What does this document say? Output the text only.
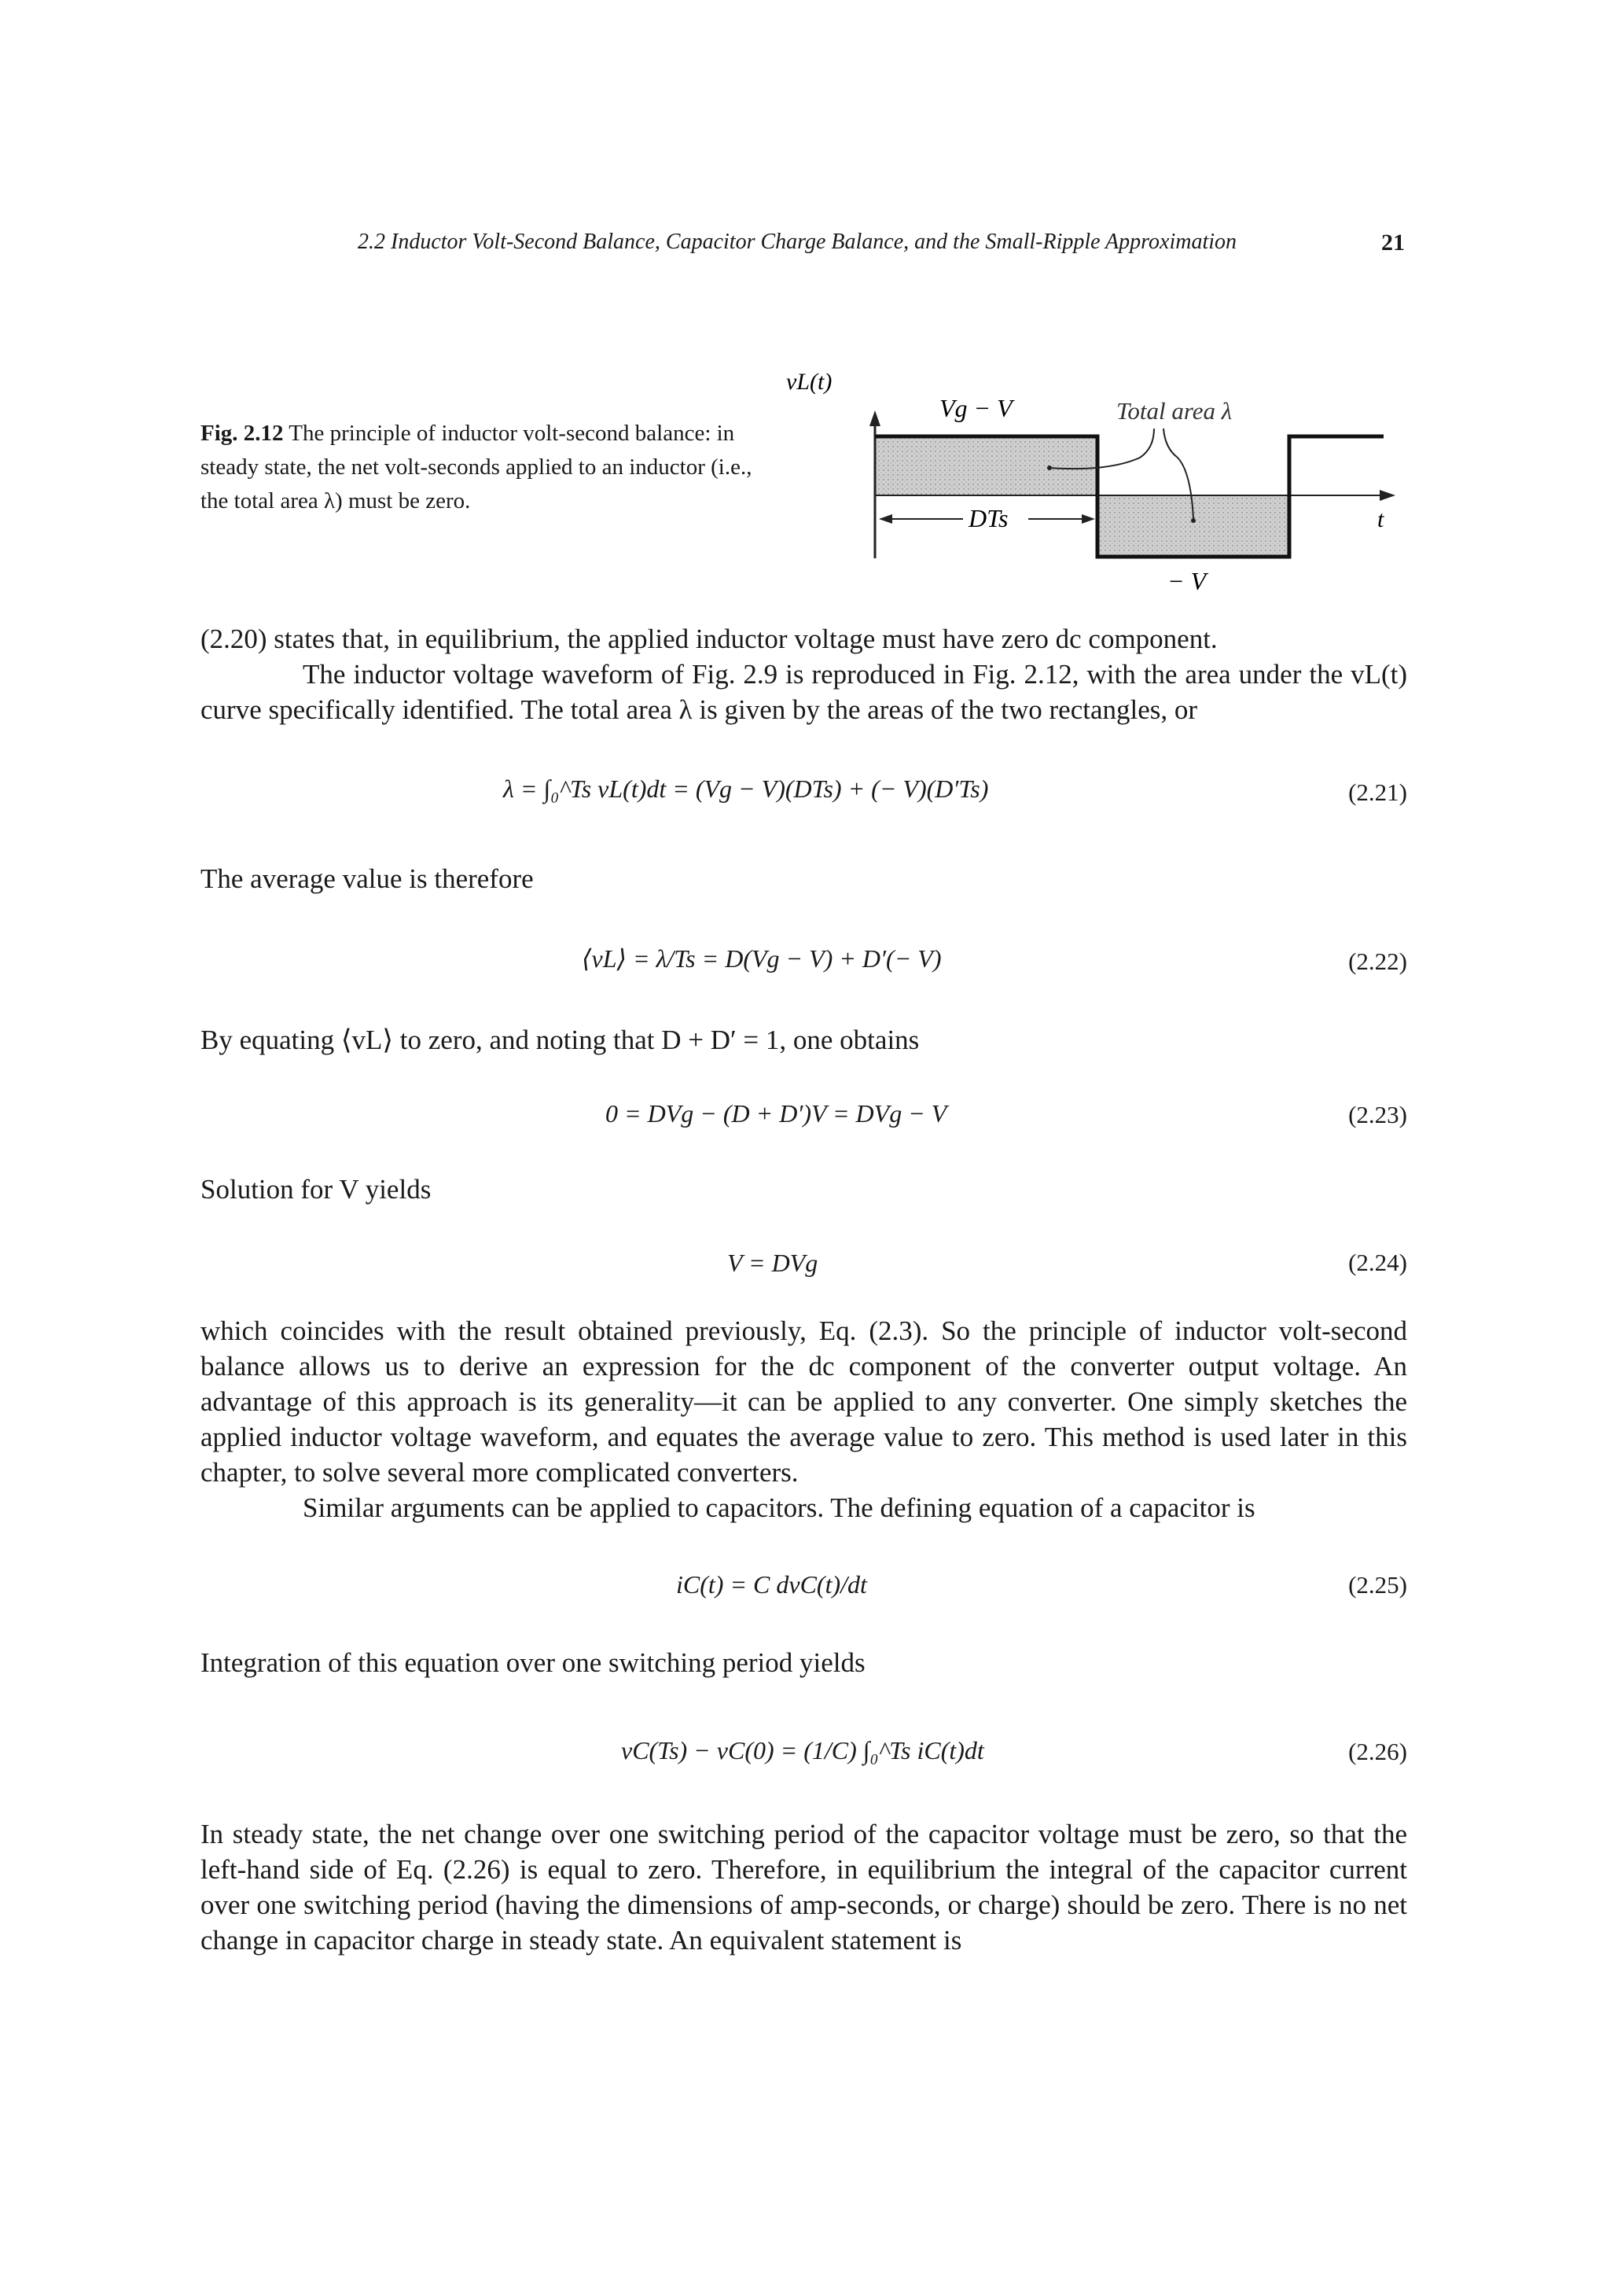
2.2 Inductor Volt-Second Balance, Capacitor Charge Balance, and the Small-Ripple Approximation	21
Fig. 2.12 The principle of inductor volt-second balance: in steady state, the net volt-seconds applied to an inductor (i.e., the total area λ) must be zero.
vL(t)
Vg − V	Total area λ
DTs	t
− V
(2.20) states that, in equilibrium, the applied inductor voltage must have zero dc component.
The inductor voltage waveform of Fig. 2.9 is reproduced in Fig. 2.12, with the area under the vL(t) curve specifically identified. The total area λ is given by the areas of the two rectangles, or
λ = ∫₀^Ts vL(t)dt = (Vg − V)(DTs) + (− V)(D′Ts)	(2.21)
The average value is therefore
⟨vL⟩ = λ/Ts = D(Vg − V) + D′(− V)	(2.22)
By equating ⟨vL⟩ to zero, and noting that D + D′ = 1, one obtains
0 = DVg − (D + D′)V = DVg − V	(2.23)
Solution for V yields
V = DVg	(2.24)
which coincides with the result obtained previously, Eq. (2.3). So the principle of inductor volt-second balance allows us to derive an expression for the dc component of the converter output voltage. An advantage of this approach is its generality—it can be applied to any converter. One simply sketches the applied inductor voltage waveform, and equates the average value to zero. This method is used later in this chapter, to solve several more complicated converters.
Similar arguments can be applied to capacitors. The defining equation of a capacitor is
iC(t) = C dvC(t)/dt	(2.25)
Integration of this equation over one switching period yields
vC(Ts) − vC(0) = (1/C) ∫₀^Ts iC(t)dt	(2.26)
In steady state, the net change over one switching period of the capacitor voltage must be zero, so that the left-hand side of Eq. (2.26) is equal to zero. Therefore, in equilibrium the integral of the capacitor current over one switching period (having the dimensions of amp-seconds, or charge) should be zero. There is no net change in capacitor charge in steady state. An equivalent statement is
